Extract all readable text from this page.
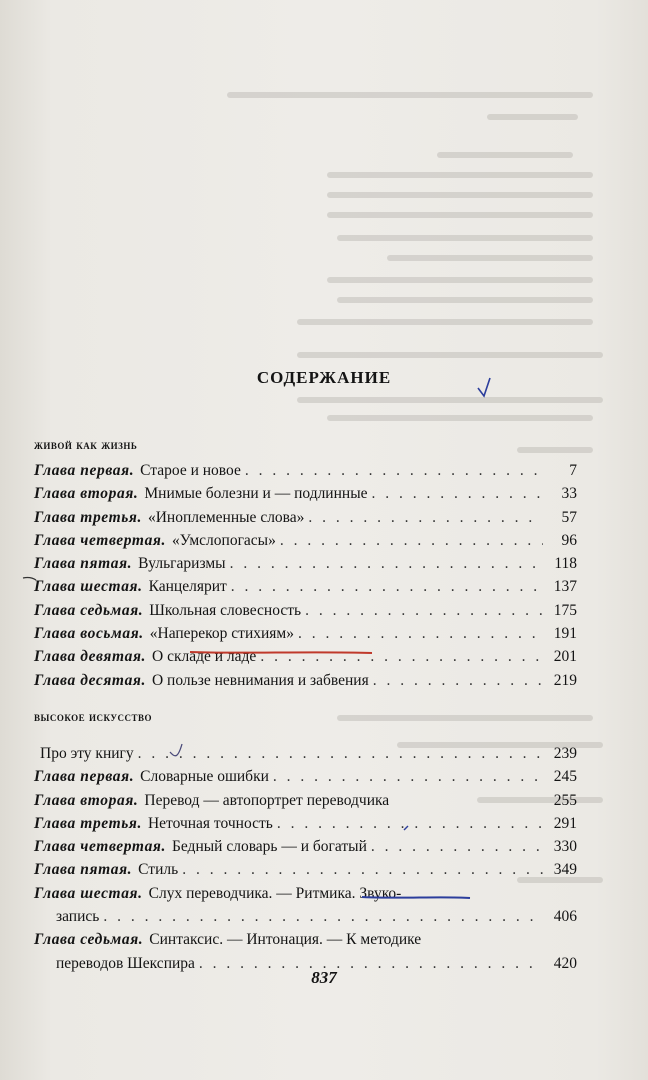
СОДЕРЖАНИЕ
живой как жизнь
Глава первая. Старое и новое . . .	7
Глава вторая. Мнимые болезни и — подлинные . . .	33
Глава третья. «Иноплеменные слова» . . .	57
Глава четвертая. «Умслопогасы» . . .	96
Глава пятая. Вульгаризмы . . .	118
Глава шестая. Канцелярит . . .	137
Глава седьмая. Школьная словесность . . .	175
Глава восьмая. «Наперекор стихиям» . . .	191
Глава девятая. О складе и ладе . . .	201
Глава десятая. О пользе невнимания и забвения . . .	219
высокое искусство
Про эту книгу . . .	239
Глава первая. Словарные ошибки . . .	245
Глава вторая. Перевод — автопортрет переводчика	255
Глава третья. Неточная точность . . .	291
Глава четвертая. Бедный словарь — и богатый . . .	330
Глава пятая. Стиль . . .	349
Глава шестая. Слух переводчика. — Ритмика. Звуко-
запись . . .	406
Глава седьмая. Синтаксис. — Интонация. — К методике
переводов Шекспира . . .	420
837
